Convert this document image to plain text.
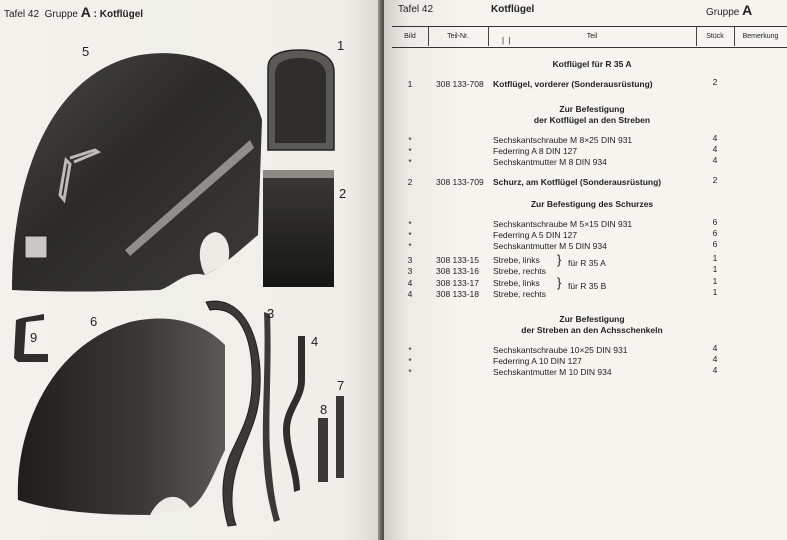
Tafel 42 Gruppe A : Kotflügel
5	1
2
9
6
3
4
7
8
Tafel 42	Kotflügel	Gruppe A
Bild	Teil-Nr.	|  |	Teil	Stück	Bemerkung
Kotflügel für R 35 A
1	308 133-708 Kotflügel, vorderer (Sonderausrüstung)	2
Zur Befestigung
der Kotflügel an den Streben
*	Sechskantschraube M 8×25 DIN 931	4
*	Federring A 8 DIN 127	4
*	Sechskantmutter M 8 DIN 934	4
2	308 133-709 Schurz, am Kotflügel (Sonderausrüstung)	2
Zur Befestigung des Schurzes
*	Sechskantschraube M 5×15 DIN 931	6
*	Federring A 5 DIN 127	6
*	Sechskantmutter M 5 DIN 934	6
3	308 133-15 Strebe, links	1
3	308 133-16 Strebe, rechts	1
4	308 133-17 Strebe, links	1
4	308 133-18 Strebe, rechts	1
} für R 35 A
} für R 35 B
Zur Befestigung
der Streben an den Achsschenkeln
*	Sechskantschraube 10×25 DIN 931	4
*	Federring A 10 DIN 127	4
*	Sechskantmutter M 10 DIN 934	4
